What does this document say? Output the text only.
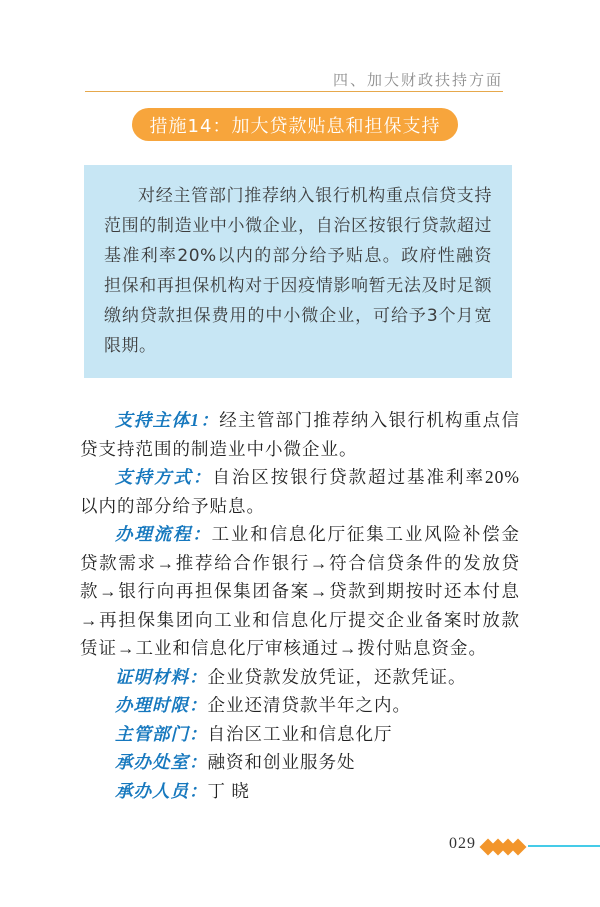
四、加大财政扶持方面
措施14：加大贷款贴息和担保支持

对经主管部门推荐纳入银行机构重点信贷支持范围的制造业中小微企业，自治区按银行贷款超过基准利率20%以内的部分给予贴息。政府性融资担保和再担保机构对于因疫情影响暂无法及时足额缴纳贷款担保费用的中小微企业，可给予3个月宽限期。

支持主体1：经主管部门推荐纳入银行机构重点信贷支持范围的制造业中小微企业。

支持方式：自治区按银行贷款超过基准利率20%以内的部分给予贴息。

办理流程：工业和信息化厅征集工业风险补偿金贷款需求→推荐给合作银行→符合信贷条件的发放贷款→银行向再担保集团备案→贷款到期按时还本付息→再担保集团向工业和信息化厅提交企业备案时放款赁证→工业和信息化厅审核通过→拨付贴息资金。

证明材料：企业贷款发放凭证，还款凭证。

办理时限：企业还清贷款半年之内。

主管部门：自治区工业和信息化厅

承办处室：融资和创业服务处

承办人员：丁 晓

029
